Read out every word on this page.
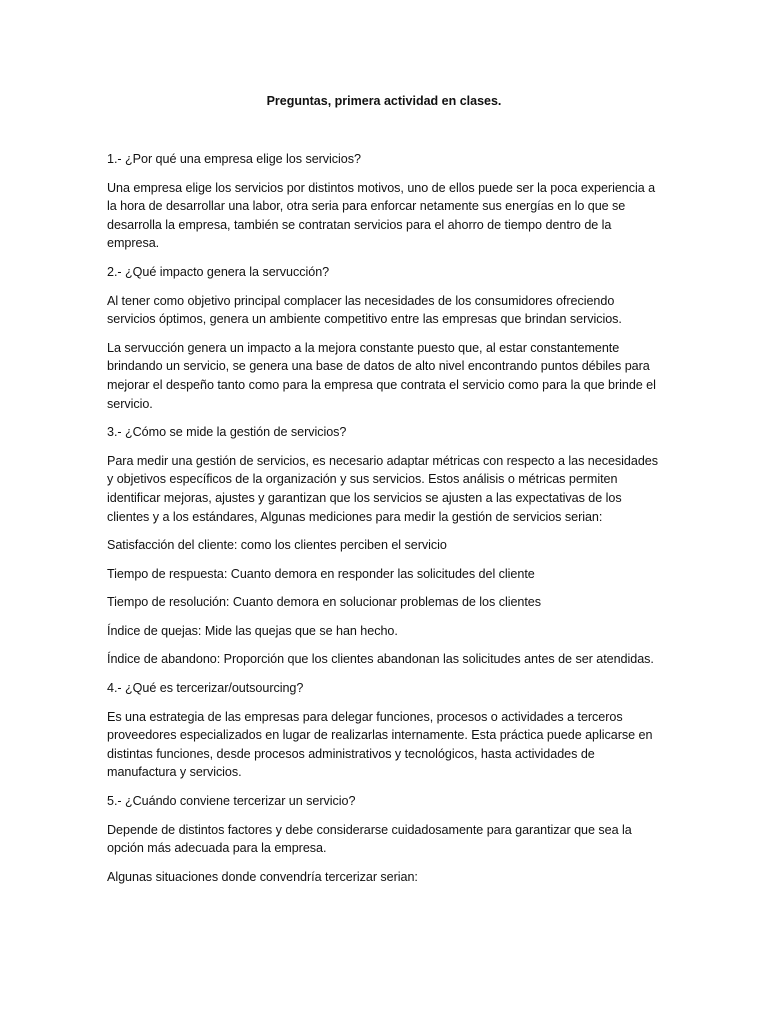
Preguntas, primera actividad en clases.

1.- ¿Por qué una empresa elige los servicios?

Una empresa elige los servicios por distintos motivos, uno de ellos puede ser la poca experiencia a la hora de desarrollar una labor, otra seria para enforcar netamente sus energías en lo que se desarrolla la empresa, también se contratan servicios para el ahorro de tiempo dentro de la empresa.

2.- ¿Qué impacto genera la servucción?

Al tener como objetivo principal complacer las necesidades de los consumidores ofreciendo servicios óptimos, genera un ambiente competitivo entre las empresas que brindan servicios.

La servucción genera un impacto a la mejora constante puesto que, al estar constantemente brindando un servicio, se genera una base de datos de alto nivel encontrando puntos débiles para mejorar el despeño tanto como para la empresa que contrata el servicio como para la que brinde el servicio.

3.- ¿Cómo se mide la gestión de servicios?

Para medir una gestión de servicios, es necesario adaptar métricas con respecto a las necesidades y objetivos específicos de la organización y sus servicios. Estos análisis o métricas permiten identificar mejoras, ajustes y garantizan que los servicios se ajusten a las expectativas de los clientes y a los estándares, Algunas mediciones para medir la gestión de servicios serian:

Satisfacción del cliente: como los clientes perciben el servicio

Tiempo de respuesta: Cuanto demora en responder las solicitudes del cliente

Tiempo de resolución: Cuanto demora en solucionar problemas de los clientes

Índice de quejas: Mide las quejas que se han hecho.

Índice de abandono: Proporción que los clientes abandonan las solicitudes antes de ser atendidas.

4.- ¿Qué es tercerizar/outsourcing?

Es una estrategia de las empresas para delegar funciones, procesos o actividades a terceros proveedores especializados en lugar de realizarlas internamente. Esta práctica puede aplicarse en distintas funciones, desde procesos administrativos y tecnológicos, hasta actividades de manufactura y servicios.

5.- ¿Cuándo conviene tercerizar un servicio?

Depende de distintos factores y debe considerarse cuidadosamente para garantizar que sea la opción más adecuada para la empresa.

Algunas situaciones donde convendría tercerizar serian:
